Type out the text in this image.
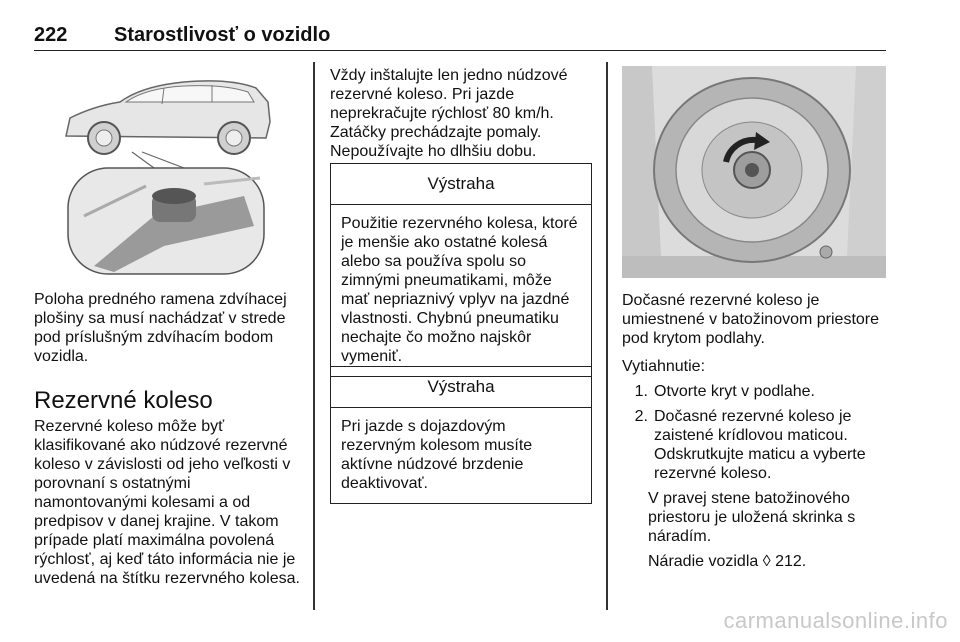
222 Starostlivosť o vozidlo

Poloha predného ramena zdvíhacej plošiny sa musí nachádzať v strede pod príslušným zdvíhacím bodom vozidla.

Rezervné koleso

Rezervné koleso môže byť klasifikované ako núdzové rezervné koleso v závislosti od jeho veľkosti v porovnaní s ostatnými namontovanými kolesami a od predpisov v danej krajine. V takom prípade platí maximálna povolená rýchlosť, aj keď táto informácia nie je uvedená na štítku rezervného kolesa.

Vždy inštalujte len jedno núdzové rezervné koleso. Pri jazde neprekračujte rýchlosť 80 km/h. Zatáčky prechádzajte pomaly. Nepoužívajte ho dlhšiu dobu.

Výstraha
Použitie rezervného kolesa, ktoré je menšie ako ostatné kolesá alebo sa používa spolu so zimnými pneumatikami, môže mať nepriaznivý vplyv na jazdné vlastnosti. Chybnú pneumatiku nechajte čo možno najskôr vymeniť.
Výstraha
Pri jazde s dojazdovým rezervným kolesom musíte aktívne núdzové brzdenie deaktivovať.

Dočasné rezervné koleso je umiestnené v batožinovom priestore pod krytom podlahy.

Vytiahnutie:

1. Otvorte kryt v podlahe.
2. Dočasné rezervné koleso je zaistené krídlovou maticou. Odskrutkujte maticu a vyberte rezervné koleso.

V pravej stene batožinového priestoru je uložená skrinka s náradím.

Náradie vozidla ◊ 212.

carmanualsonline.info
